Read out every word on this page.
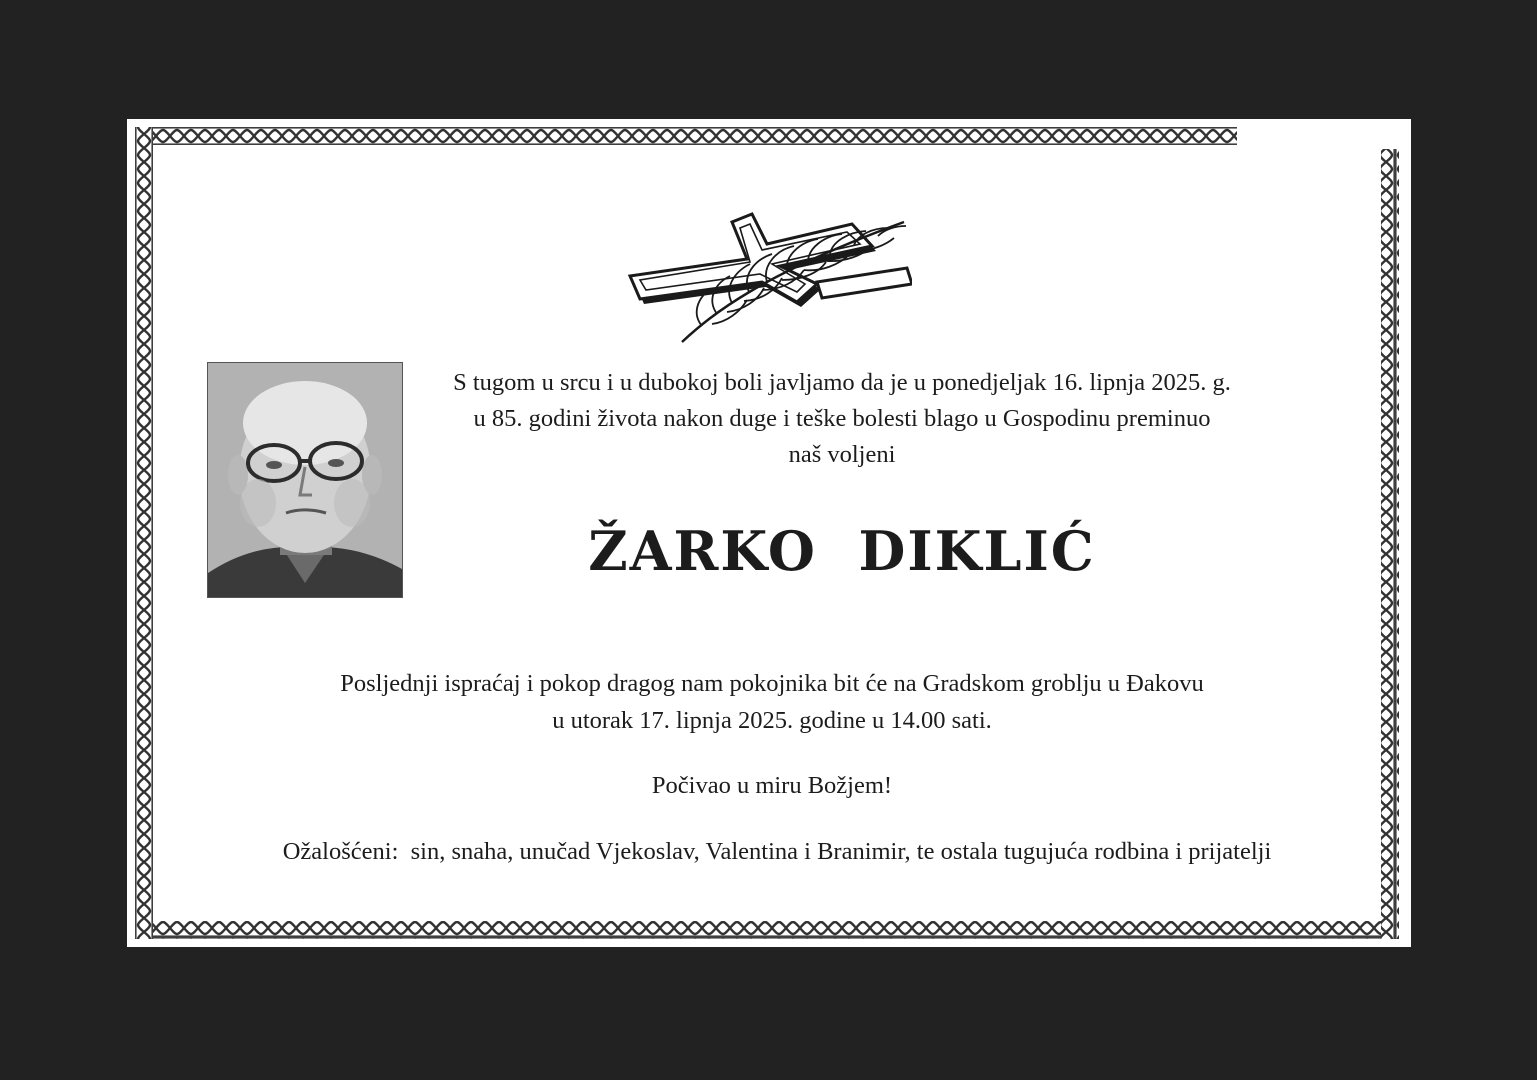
S tugom u srcu i u dubokoj boli javljamo da je u ponedjeljak 16. lipnja 2025. g.
u 85. godini života nakon duge i teške bolesti blago u Gospodinu preminuo
naš voljeni

ŽARKO  DIKLIĆ

Posljednji ispraćaj i pokop dragog nam pokojnika bit će na Gradskom groblju u Đakovu
u utorak 17. lipnja 2025. godine u 14.00 sati.

Počivao u miru Božjem!

Ožalošćeni:  sin, snaha, unučad Vjekoslav, Valentina i Branimir, te ostala tugujuća rodbina i prijatelji
